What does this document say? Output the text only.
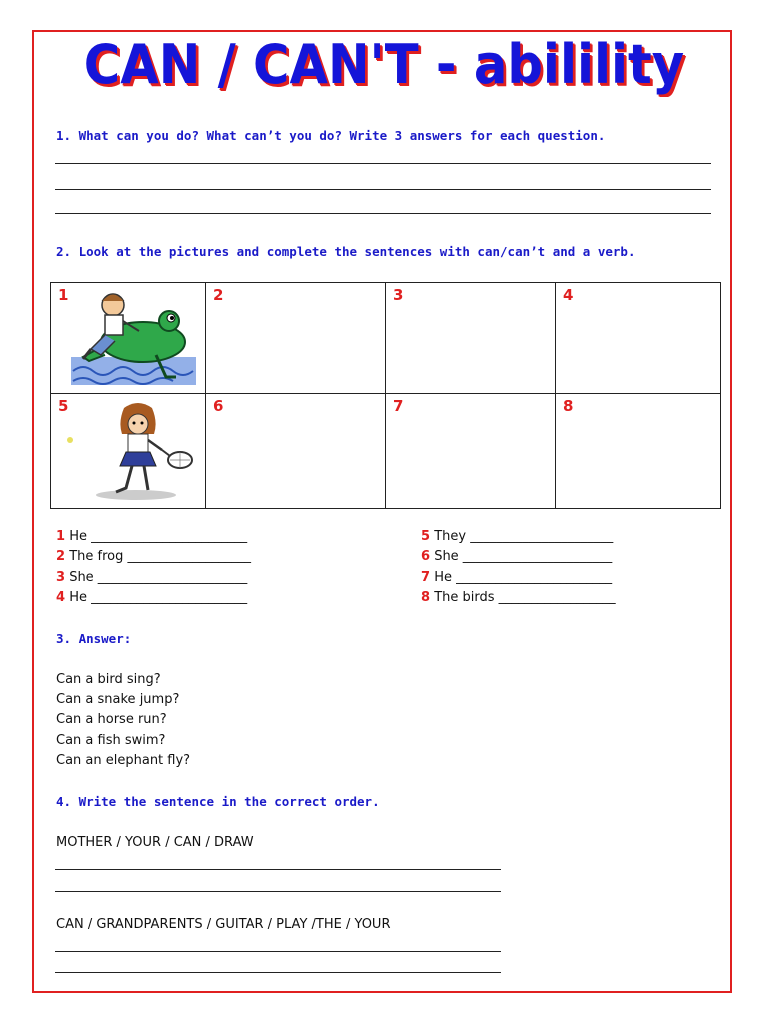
CAN / CAN'T - abilility
1. What can you do? What can’t you do? Write 3 answers for each question.
2. Look at the pictures and complete the sentences with can/can’t and a verb.
1	2	3	4
5	6	7	8
1 He ________________________
2 The frog ___________________
3 She _______________________
4 He ________________________
5 They ______________________
6 She _______________________
7 He ________________________
8 The birds __________________
3. Answer:
Can a bird sing?
Can a snake jump?
Can a horse run?
Can a fish swim?
Can an elephant fly?
4. Write the sentence in the correct order.
MOTHER / YOUR / CAN / DRAW
CAN / GRANDPARENTS / GUITAR / PLAY /THE / YOUR
